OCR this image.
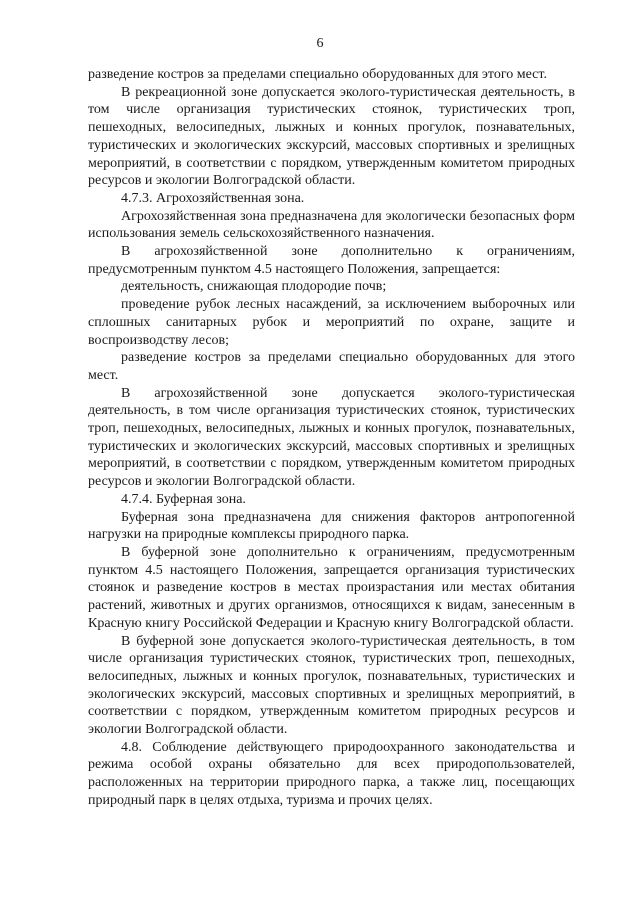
6

разведение костров за пределами специально оборудованных для этого мест.

В рекреационной зоне допускается эколого-туристическая деятельность, в том числе организация туристических стоянок, туристических троп, пешеходных, велосипедных, лыжных и конных прогулок, познавательных, туристических и экологических экскурсий, массовых спортивных и зрелищных мероприятий, в соответствии с порядком, утвержденным комитетом природных ресурсов и экологии Волгоградской области.

4.7.3. Агрохозяйственная зона.

Агрохозяйственная зона предназначена для экологически безопасных форм использования земель сельскохозяйственного назначения.

В агрохозяйственной зоне дополнительно к ограничениям, предусмотренным пунктом 4.5 настоящего Положения, запрещается:

деятельность, снижающая плодородие почв;

проведение рубок лесных насаждений, за исключением выборочных или сплошных санитарных рубок и мероприятий по охране, защите и воспроизводству лесов;

разведение костров за пределами специально оборудованных для этого мест.

В агрохозяйственной зоне допускается эколого-туристическая деятельность, в том числе организация туристических стоянок, туристических троп, пешеходных, велосипедных, лыжных и конных прогулок, познавательных, туристических и экологических экскурсий, массовых спортивных и зрелищных мероприятий, в соответствии с порядком, утвержденным комитетом природных ресурсов и экологии Волгоградской области.

4.7.4. Буферная зона.

Буферная зона предназначена для снижения факторов антропогенной нагрузки на природные комплексы природного парка.

В буферной зоне дополнительно к ограничениям, предусмотренным пунктом 4.5 настоящего Положения, запрещается организация туристических стоянок и разведение костров в местах произрастания или местах обитания растений, животных и других организмов, относящихся к видам, занесенным в Красную книгу Российской Федерации и Красную книгу Волгоградской области.

В буферной зоне допускается эколого-туристическая деятельность, в том числе организация туристических стоянок, туристических троп, пешеходных, велосипедных, лыжных и конных прогулок, познавательных, туристических и экологических экскурсий, массовых спортивных и зрелищных мероприятий, в соответствии с порядком, утвержденным комитетом природных ресурсов и экологии Волгоградской области.

4.8. Соблюдение действующего природоохранного законодательства и режима особой охраны обязательно для всех природопользователей, расположенных на территории природного парка, а также лиц, посещающих природный парк в целях отдыха, туризма и прочих целях.
